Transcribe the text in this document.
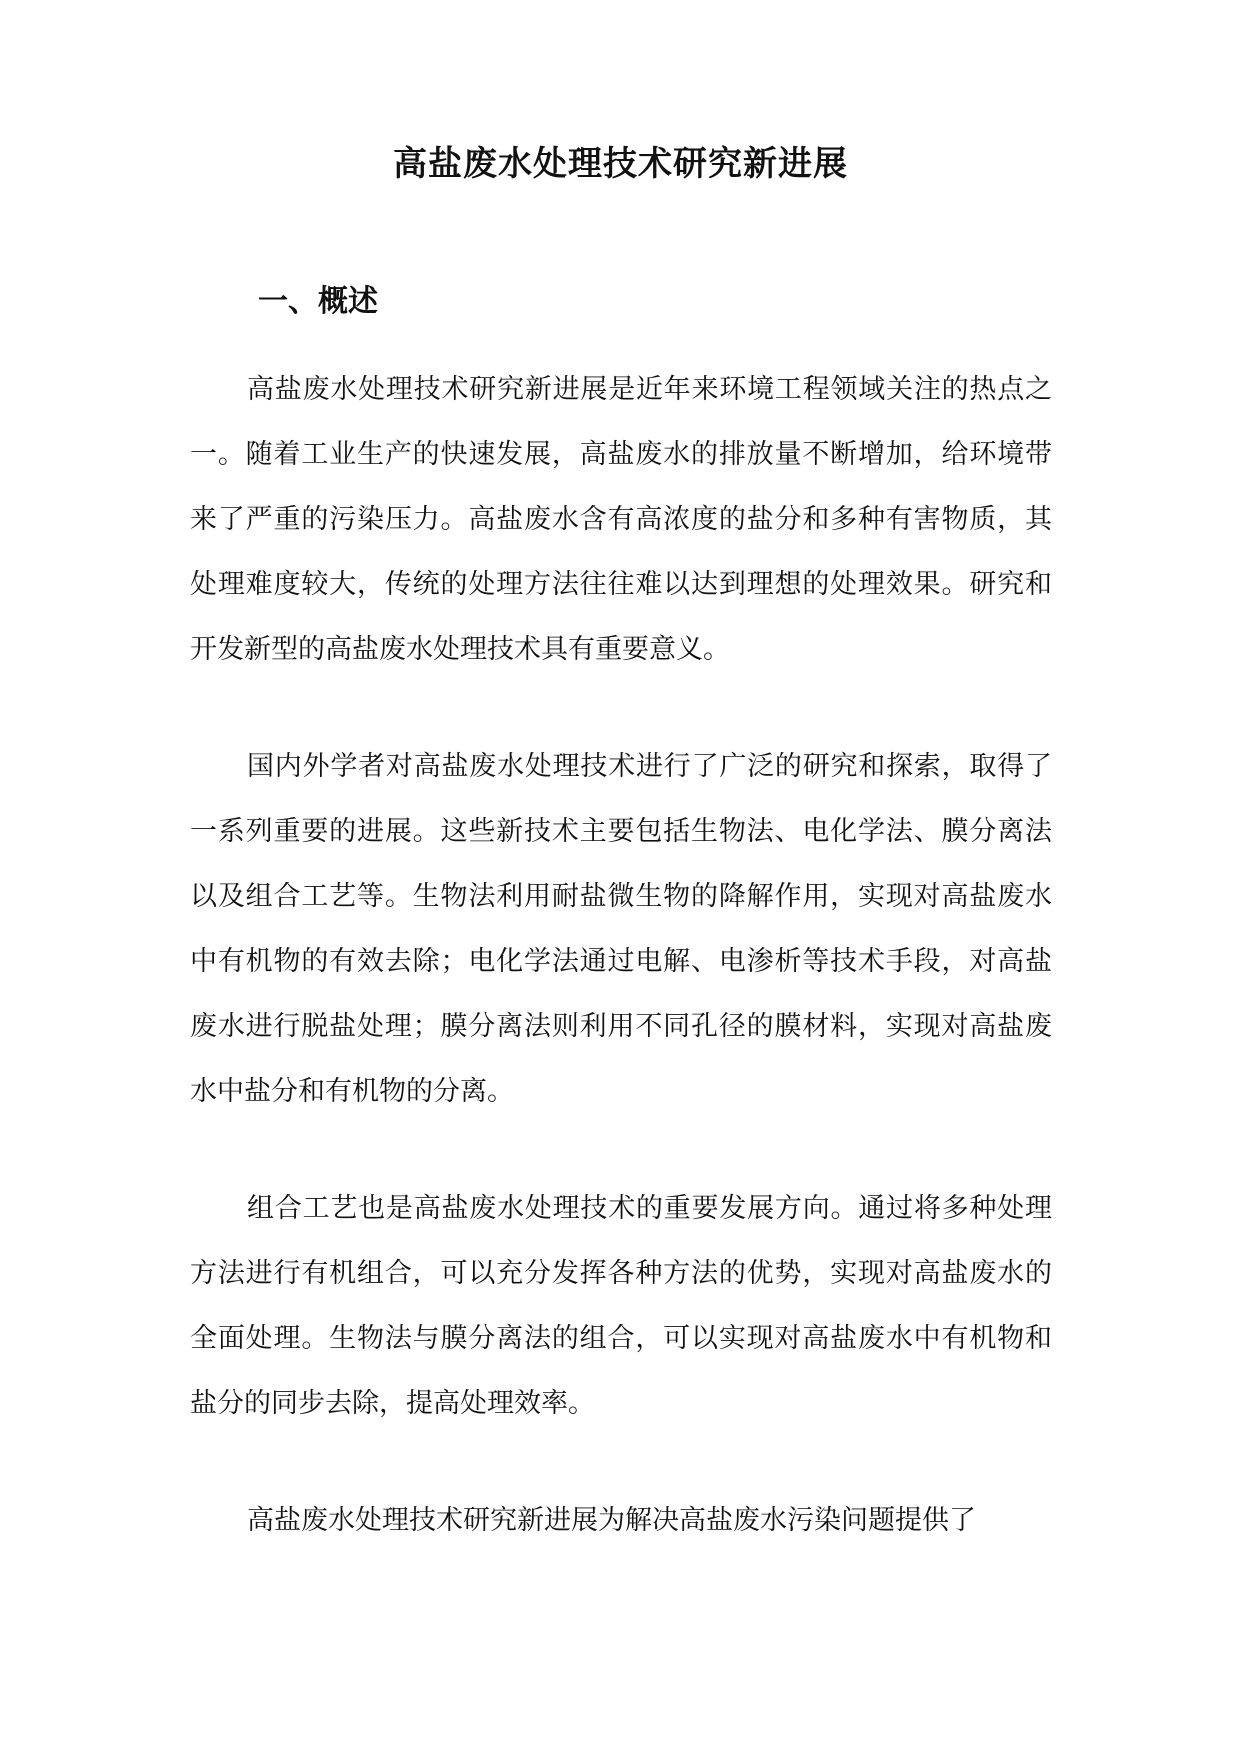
高盐废水处理技术研究新进展
一、概述

高盐废水处理技术研究新进展是近年来环境工程领域关注的热点之一。随着工业生产的快速发展，高盐废水的排放量不断增加，给环境带来了严重的污染压力。高盐废水含有高浓度的盐分和多种有害物质，其处理难度较大，传统的处理方法往往难以达到理想的处理效果。研究和开发新型的高盐废水处理技术具有重要意义。

国内外学者对高盐废水处理技术进行了广泛的研究和探索，取得了一系列重要的进展。这些新技术主要包括生物法、电化学法、膜分离法以及组合工艺等。生物法利用耐盐微生物的降解作用，实现对高盐废水中有机物的有效去除；电化学法通过电解、电渗析等技术手段，对高盐废水进行脱盐处理；膜分离法则利用不同孔径的膜材料，实现对高盐废水中盐分和有机物的分离。

组合工艺也是高盐废水处理技术的重要发展方向。通过将多种处理方法进行有机组合，可以充分发挥各种方法的优势，实现对高盐废水的全面处理。生物法与膜分离法的组合，可以实现对高盐废水中有机物和盐分的同步去除，提高处理效率。

高盐废水处理技术研究新进展为解决高盐废水污染问题提供了
